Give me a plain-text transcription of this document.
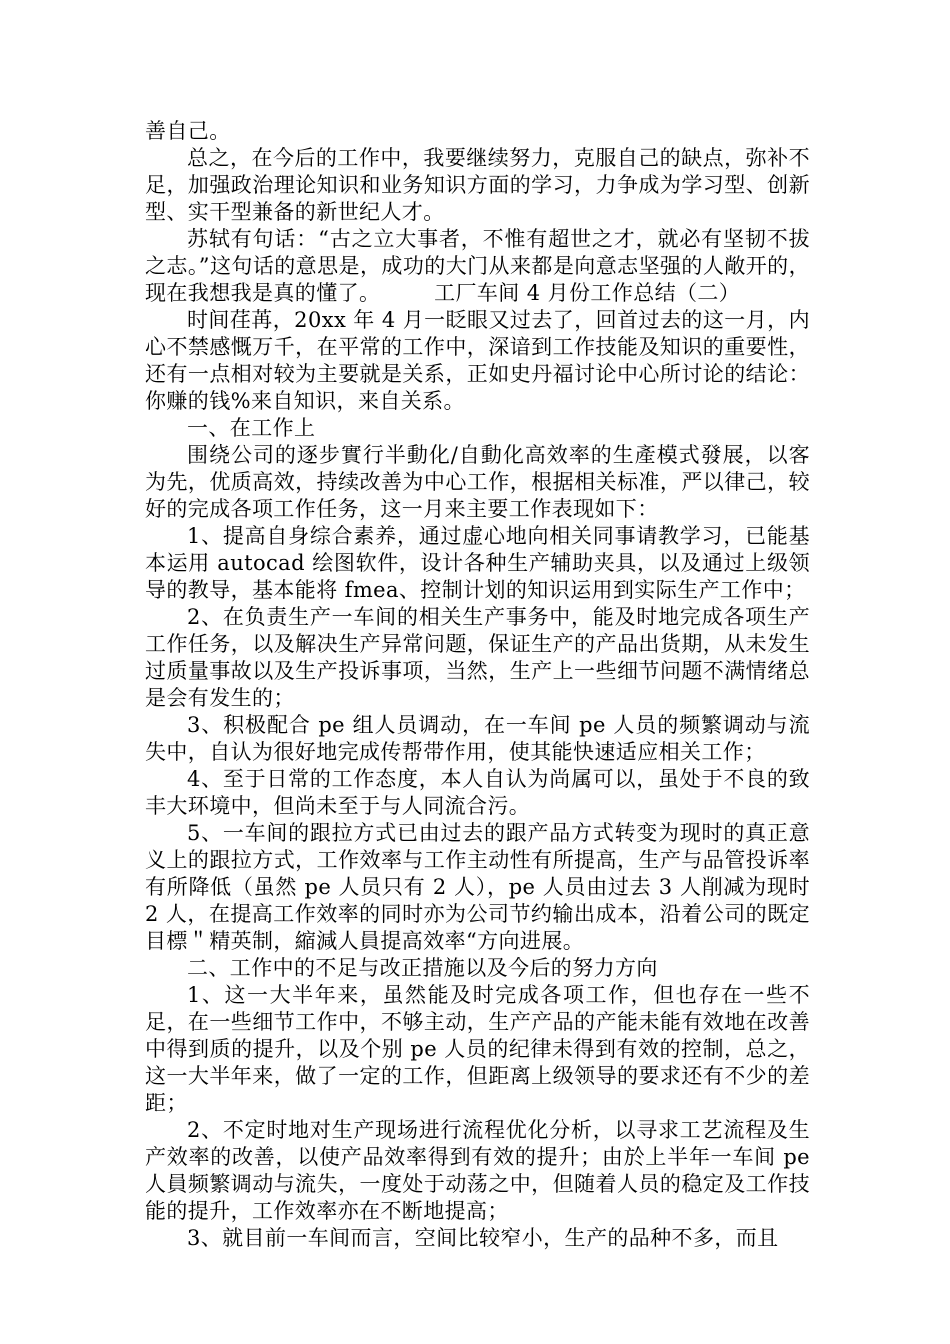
善自己。

总之，在今后的工作中，我要继续努力，克服自己的缺点，弥补不足，加强政治理论知识和业务知识方面的学习，力争成为学习型、创新型、实干型兼备的新世纪人才。

苏轼有句话：“古之立大事者，不惟有超世之才，就必有坚韧不拔之志。”这句话的意思是，成功的大门从来都是向意志坚强的人敞开的，现在我想我是真的懂了。　　　工厂车间 4 月份工作总结（二）

时间荏苒，20xx 年 4 月一眨眼又过去了，回首过去的这一月，内心不禁感慨万千，在平常的工作中，深谙到工作技能及知识的重要性，还有一点相对较为主要就是关系，正如史丹福讨论中心所讨论的结论：你赚的钱%来自知识，来自关系。

一、在工作上

围绕公司的逐步實行半動化/自動化高效率的生產模式發展，以客为先，优质高效，持续改善为中心工作，根据相关标准，严以律己，较好的完成各项工作任务，这一月来主要工作表现如下：

1、提高自身综合素养，通过虚心地向相关同事请教学习，已能基本运用 autocad 绘图软件，设计各种生产辅助夹具，以及通过上级领导的教导，基本能将 fmea、控制计划的知识运用到实际生产工作中；

2、在负责生产一车间的相关生产事务中，能及时地完成各项生产工作任务，以及解决生产异常问题，保证生产的产品出货期，从未发生过质量事故以及生产投诉事项，当然，生产上一些细节问题不满情绪总是会有发生的；

3、积极配合 pe 组人员调动，在一车间 pe 人员的频繁调动与流失中，自认为很好地完成传帮带作用，使其能快速适应相关工作；

4、至于日常的工作态度，本人自认为尚属可以，虽处于不良的致丰大环境中，但尚未至于与人同流合污。

5、一车间的跟拉方式已由过去的跟产品方式转变为现时的真正意义上的跟拉方式，工作效率与工作主动性有所提高，生产与品管投诉率有所降低（虽然 pe 人员只有 2 人），pe 人员由过去 3 人削减为现时 2 人，在提高工作效率的同时亦为公司节约输出成本，沿着公司的既定目標＂精英制，縮減人員提高效率“方向进展。

二、工作中的不足与改正措施以及今后的努力方向

1、这一大半年来，虽然能及时完成各项工作，但也存在一些不足，在一些细节工作中，不够主动，生产产品的产能未能有效地在改善中得到质的提升，以及个别 pe 人员的纪律未得到有效的控制，总之，这一大半年来，做了一定的工作，但距离上级领导的要求还有不少的差距；

2、不定时地对生产现场进行流程优化分析，以寻求工艺流程及生产效率的改善，以使产品效率得到有效的提升；由於上半年一车间 pe 人員频繁调动与流失，一度处于动荡之中，但随着人员的稳定及工作技能的提升，工作效率亦在不断地提高；

3、就目前一车间而言，空间比较窄小，生产的品种不多，而且
